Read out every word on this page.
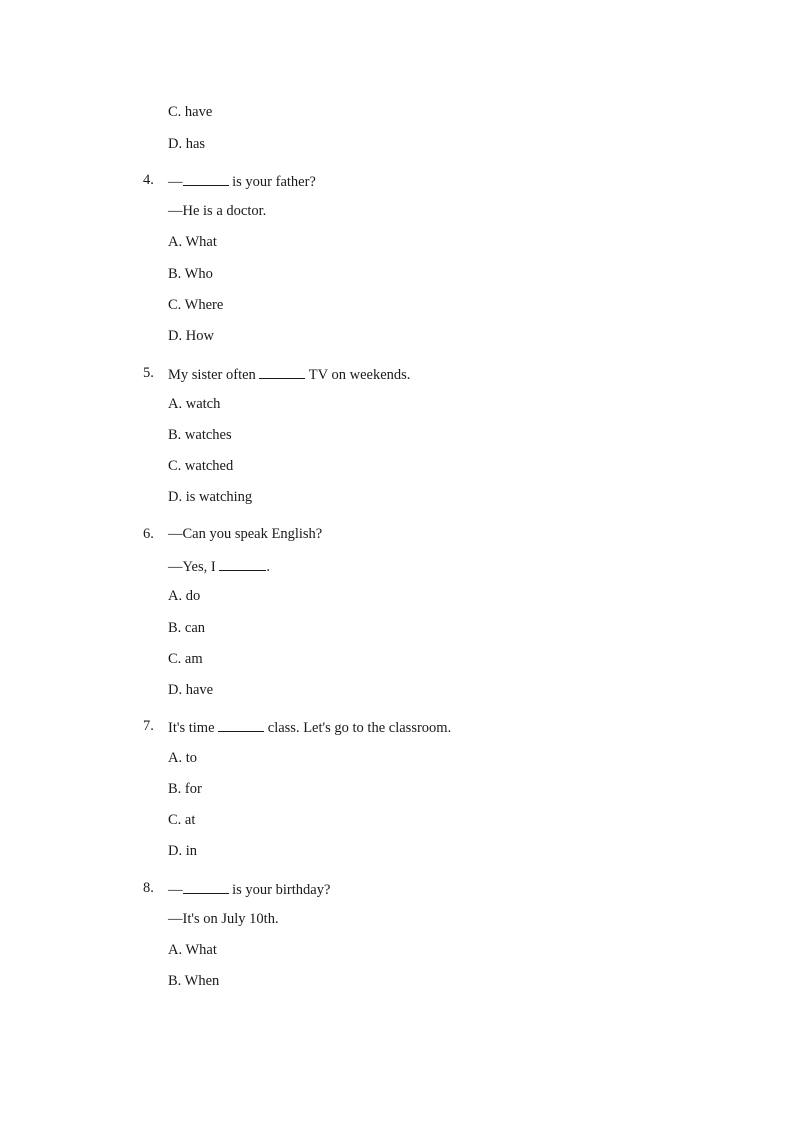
C. have
D. has
4. —	is your father?
—He is a doctor.
A. What
B. Who
C. Where
D. How
5. My sister often	TV on weekends.
A. watch
B. watches
C. watched
D. is watching
6. —Can you speak English?
—Yes, I	.
A. do
B. can
C. am
D. have
7. It's time	class. Let's go to the classroom.
A. to
B. for
C. at
D. in
8. —	is your birthday?
—It's on July 10th.
A. What
B. When
